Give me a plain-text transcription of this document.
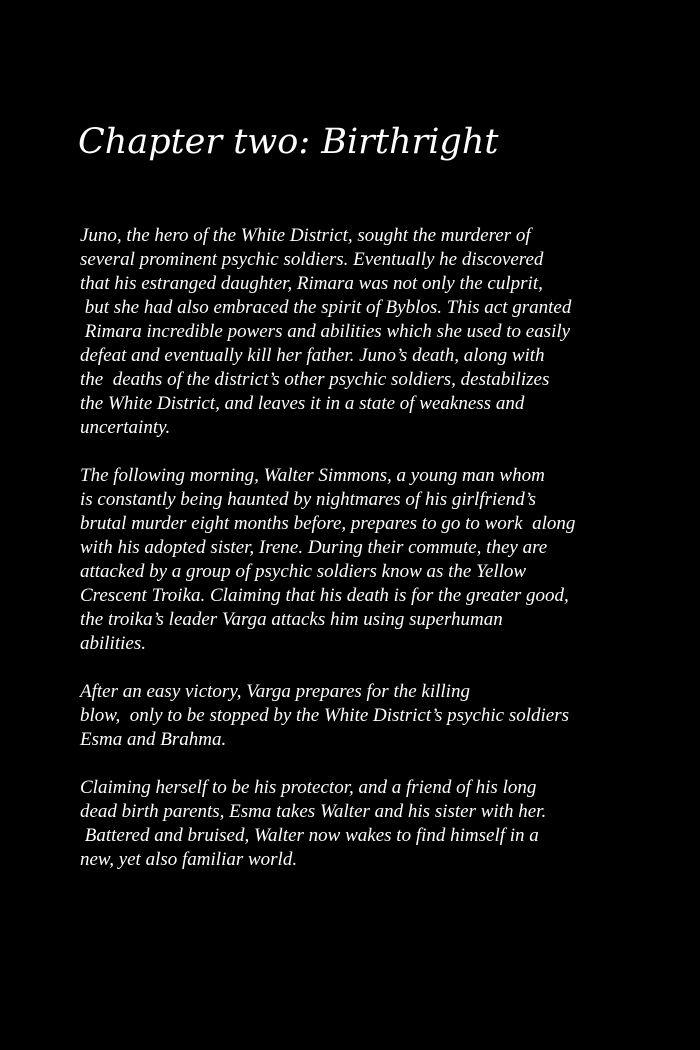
Chapter two: Birthright

Juno, the hero of the White District, sought the murderer of
several prominent psychic soldiers. Eventually he discovered
that his estranged daughter, Rimara was not only the culprit,
but she had also embraced the spirit of Byblos. This act granted
Rimara incredible powers and abilities which she used to easily
defeat and eventually kill her father. Juno’s death, along with
the  deaths of the district’s other psychic soldiers, destabilizes
the White District, and leaves it in a state of weakness and
uncertainty.

The following morning, Walter Simmons, a young man whom
is constantly being haunted by nightmares of his girlfriend’s
brutal murder eight months before, prepares to go to work  along
with his adopted sister, Irene. During their commute, they are
attacked by a group of psychic soldiers know as the Yellow
Crescent Troika. Claiming that his death is for the greater good,
the troika’s leader Varga attacks him using superhuman
abilities.

After an easy victory, Varga prepares for the killing
blow,  only to be stopped by the White District’s psychic soldiers
Esma and Brahma.

Claiming herself to be his protector, and a friend of his long
dead birth parents, Esma takes Walter and his sister with her.
Battered and bruised, Walter now wakes to find himself in a
new, yet also familiar world.
